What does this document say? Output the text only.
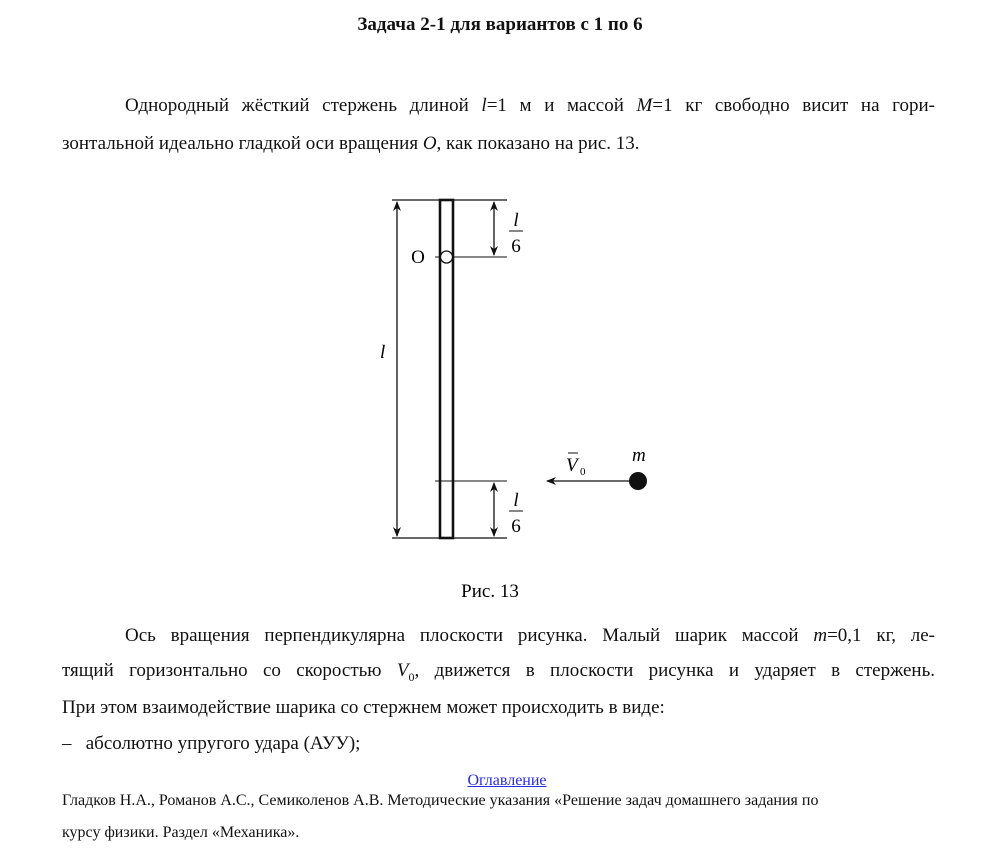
Задача 2-1 для вариантов с 1 по 6
Однородный жёсткий стержень длиной l=1 м и массой M=1 кг свободно висит на гори-
зонтальной идеально гладкой оси вращения O, как показано на рис. 13.
O
l
l
6
l
6
V 0
m
Рис. 13
Ось вращения перпендикулярна плоскости рисунка. Малый шарик массой m=0,1 кг, ле-
тящий горизонтально со скоростью $V_0$, движется в плоскости рисунка и ударяет в стержень.
При этом взаимодействие шарика со стержнем может происходить в виде:
–   абсолютно упругого удара (АУУ);
Оглавление
Гладков Н.А., Романов А.С., Семиколенов А.В. Методические указания «Решение задач домашнего задания по
курсу физики. Раздел «Механика».
